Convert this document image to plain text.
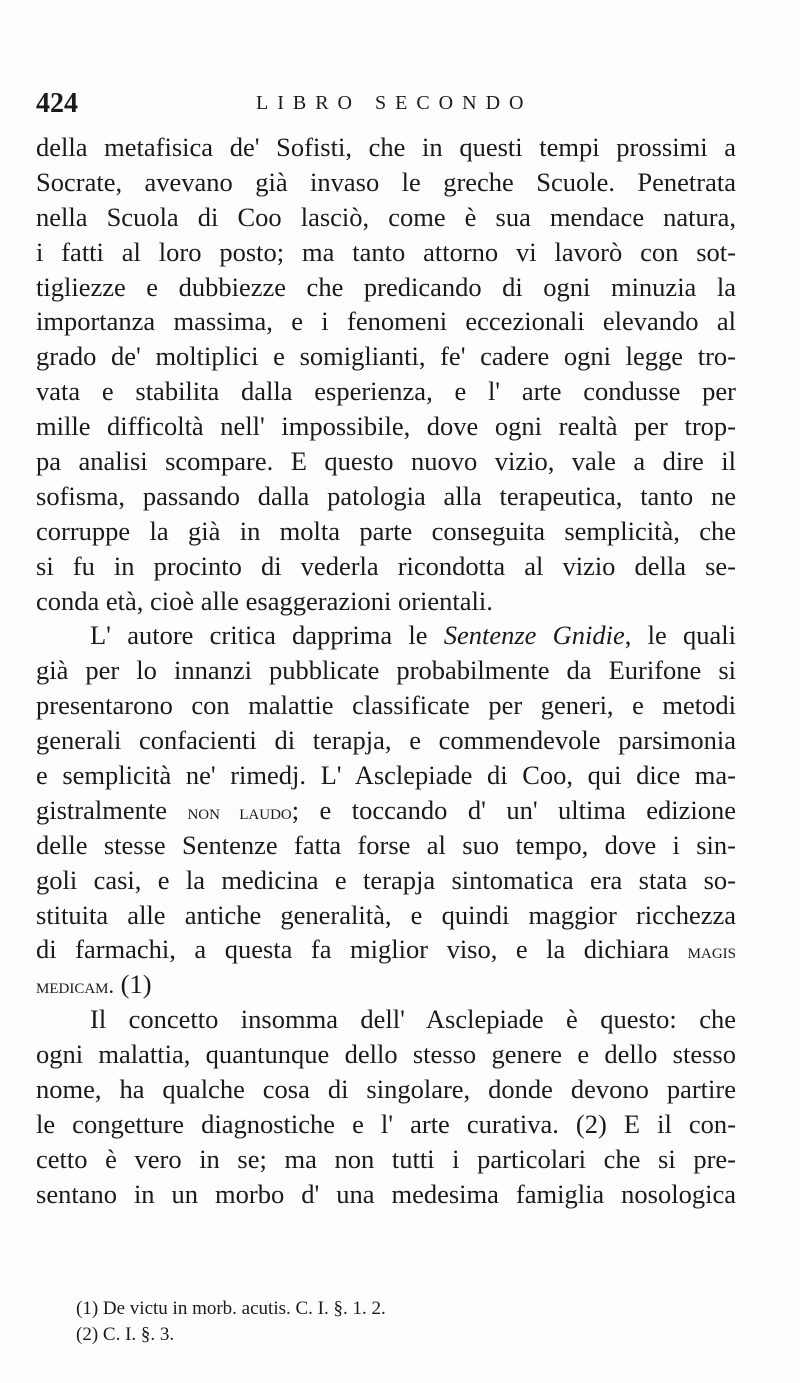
424	LIBRO SECONDO
della metafisica de' Sofisti, che in questi tempi prossimi a
Socrate, avevano già invaso le greche Scuole. Penetrata
nella Scuola di Coo lasciò, come è sua mendace natura,
i fatti al loro posto; ma tanto attorno vi lavorò con sot-
tigliezze e dubbiezze che predicando di ogni minuzia la
importanza massima, e i fenomeni eccezionali elevando al
grado de' moltiplici e somiglianti, fe' cadere ogni legge tro-
vata e stabilita dalla esperienza, e l' arte condusse per
mille difficoltà nell' impossibile, dove ogni realtà per trop-
pa analisi scompare. E questo nuovo vizio, vale a dire il
sofisma, passando dalla patologia alla terapeutica, tanto ne
corruppe la già in molta parte conseguita semplicità, che
si fu in procinto di vederla ricondotta al vizio della se-
conda età, cioè alle esaggerazioni orientali.
L' autore critica dapprima le Sentenze Gnidie, le quali
già per lo innanzi pubblicate probabilmente da Eurifone si
presentarono con malattie classificate per generi, e metodi
generali confacienti di terapja, e commendevole parsimonia
e semplicità ne' rimedj. L' Asclepiade di Coo, qui dice ma-
gistralmente non laudo; e toccando d' un' ultima edizione
delle stesse Sentenze fatta forse al suo tempo, dove i sin-
goli casi, e la medicina e terapja sintomatica era stata so-
stituita alle antiche generalità, e quindi maggior ricchezza
di farmachi, a questa fa miglior viso, e la dichiara magis
medicam. (1)
Il concetto insomma dell' Asclepiade è questo: che
ogni malattia, quantunque dello stesso genere e dello stesso
nome, ha qualche cosa di singolare, donde devono partire
le congetture diagnostiche e l' arte curativa. (2) E il con-
cetto è vero in se; ma non tutti i particolari che si pre-
sentano in un morbo d' una medesima famiglia nosologica
(1) De victu in morb. acutis. C. I. §. 1. 2.
(2) C. I. §. 3.
